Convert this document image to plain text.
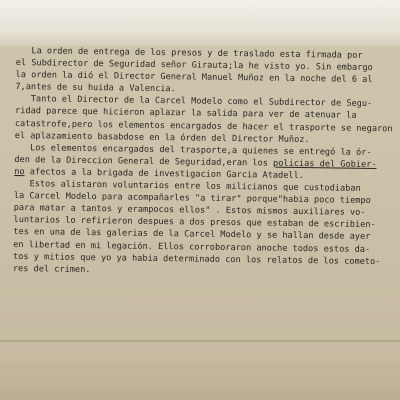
La orden de entrega de los presos y de traslado esta firmada por
el Subdirector de Seguridad señor Girauta;la he visto yo. Sin embargo
la orden la dió el Director General Manuel Muñoz en la noche del 6 al
7,antes de su huida a Valencia.
Tanto el Director de la Carcel Modelo como el Subdirector de Segu-
ridad parece que hicieron aplazar la salida para ver de atenuar la
catastrofe,pero los elementos encargados de hacer el trasporte se negaron
el aplazamiento basabdose en la órden del Director Muñoz.
Los elementos encargados del trasporte,a quienes se entregó la ór-
den de la Direccion General de Seguridad,eran los policias del Gobier-
no afectos a la brigada de investigacion Garcia Atadell.
Estos alistaron voluntarios entre los milicianos que custodiaban
la Carcel Modelo para acompañarles "a tirar" porque"habia poco tiempo
para matar a tantos y erampocos ellos" . Estos mismos auxiliares vo-
luntarios lo refirieron despues a dos presos que estaban de escribien-
tes en una de las galerias de la Carcel Modelo y se hallan desde ayer
en libertad en mi legación. Ellos corroboraron anoche todos estos da-
tos y mitios que yo ya habia determinado con los relatos de los cometo-
res del crimen.
